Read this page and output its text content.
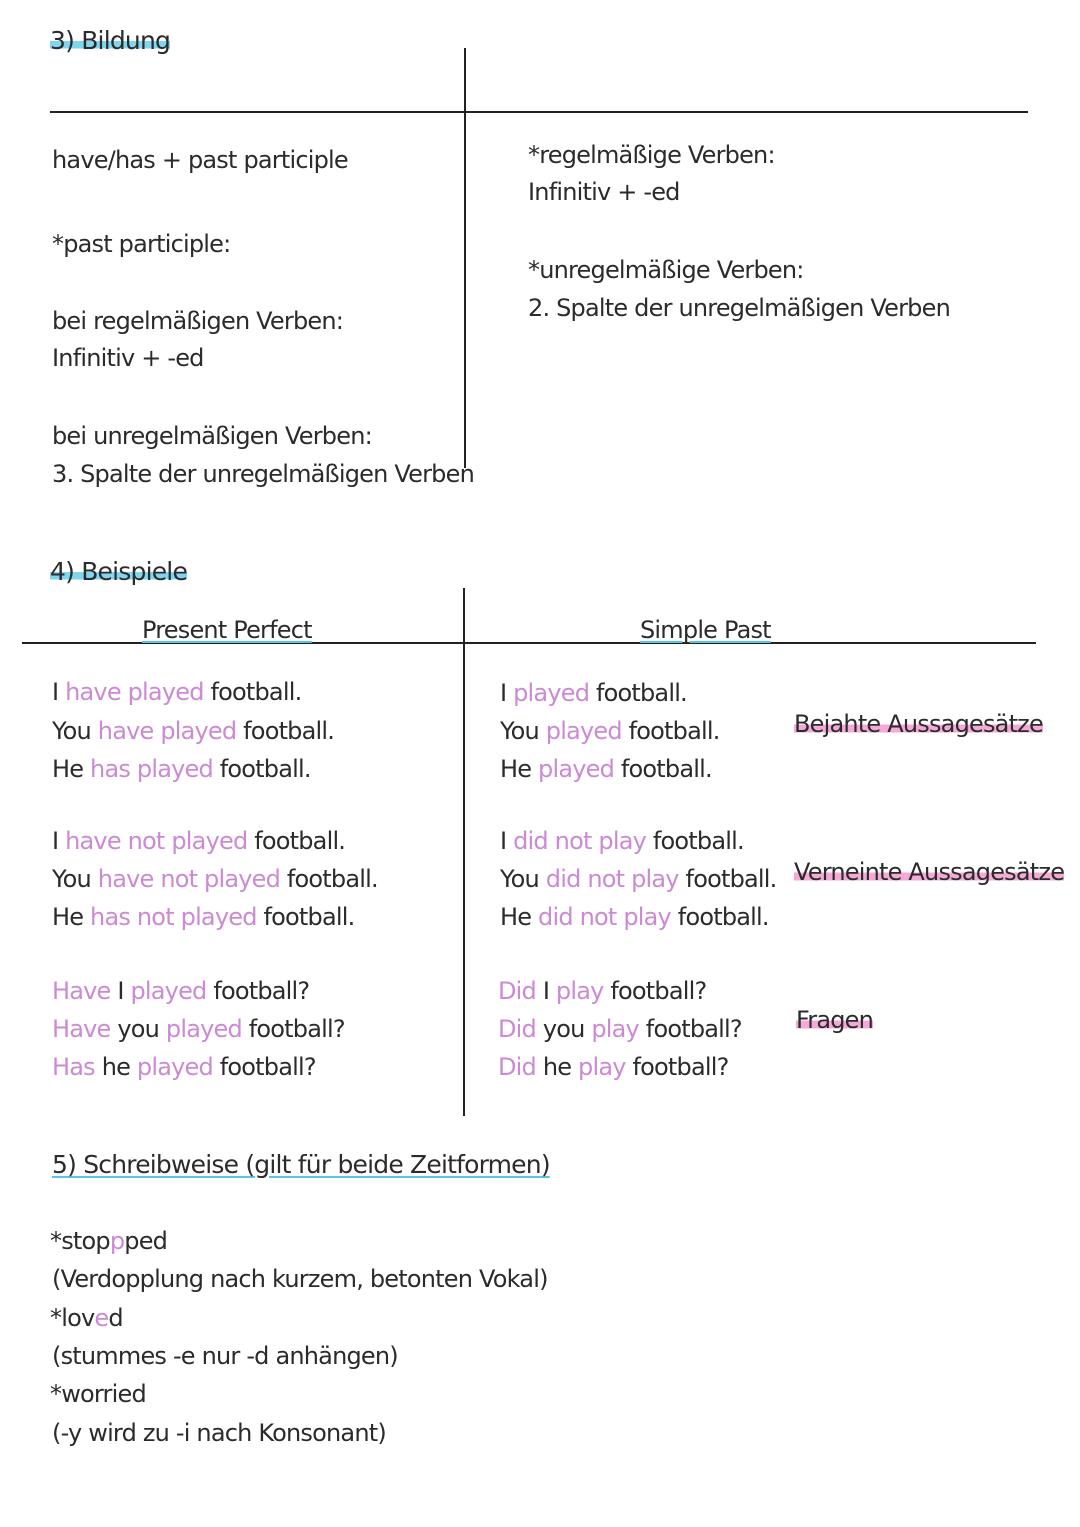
3) Bildung
have/has + past participle
*past participle:
bei regelmäßigen Verben:
Infinitiv + -ed
bei unregelmäßigen Verben:
3. Spalte der unregelmäßigen Verben
*regelmäßige Verben:
Infinitiv + -ed
*unregelmäßige Verben:
2. Spalte der unregelmäßigen Verben
4) Beispiele
Present Perfect	Simple Past
I have played football.
You have played football.
He has played football.
I have not played football.
You have not played football.
He has not played football.
Have I played football?
Have you played football?
Has he played football?
I played football.
You played football.
He played football.
I did not play football.
You did not play football.
He did not play football.
Did I play football?
Did you play football?
Did he play football?
Bejahte Aussagesätze
Verneinte Aussagesätze
Fragen
5) Schreibweise (gilt für beide Zeitformen)
*stoppped
(Verdopplung nach kurzem, betonten Vokal)
*loved
(stummes -e nur -d anhängen)
*worried
(-y wird zu -i nach Konsonant)
